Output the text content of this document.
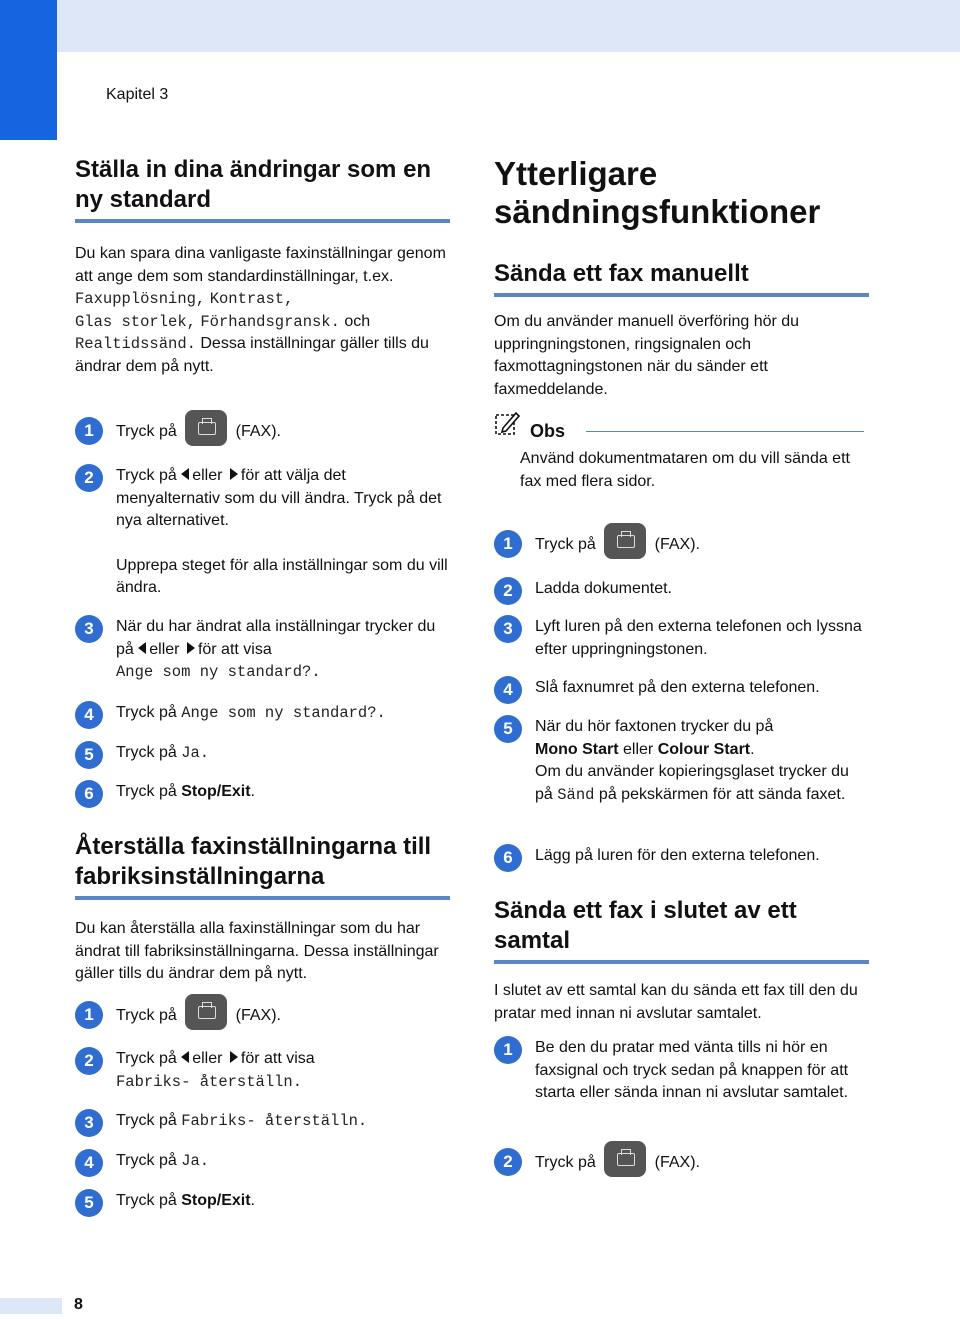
Kapitel 3
Ställa in dina ändringar som en ny standard
Du kan spara dina vanligaste faxinställningar genom att ange dem som standardinställningar, t.ex.
Faxupplösning, Kontrast,
Glas storlek, Förhandsgransk. och
Realtidssänd. Dessa inställningar gäller tills du ändrar dem på nytt.
1	Tryck på	(FAX).
2	Tryck på eller för att välja det menyalternativ som du vill ändra. Tryck på det nya alternativet.
Upprepa steget för alla inställningar som du vill ändra.
3	När du har ändrat alla inställningar trycker du på eller för att visa
Ange som ny standard?.
4	Tryck på Ange som ny standard?.
5	Tryck på Ja.
6	Tryck på Stop/Exit.
Återställa faxinställningarna till fabriksinställningarna
Du kan återställa alla faxinställningar som du har ändrat till fabriksinställningarna. Dessa inställningar gäller tills du ändrar dem på nytt.
1	Tryck på	(FAX).
2	Tryck på eller för att visa
Fabriks- återställn.
3	Tryck på Fabriks- återställn.
4	Tryck på Ja.
5	Tryck på Stop/Exit.
Ytterligare sändningsfunktioner
Sända ett fax manuellt
Om du använder manuell överföring hör du uppringningstonen, ringsignalen och faxmottagningstonen när du sänder ett faxmeddelande.
Obs
Använd dokumentmataren om du vill sända ett fax med flera sidor.
1	Tryck på	(FAX).
2	Ladda dokumentet.
3	Lyft luren på den externa telefonen och lyssna efter uppringningstonen.
4	Slå faxnumret på den externa telefonen.
5	När du hör faxtonen trycker du på
Mono Start eller Colour Start.
Om du använder kopieringsglaset trycker du på Sänd på pekskärmen för att sända faxet.
6	Lägg på luren för den externa telefonen.
Sända ett fax i slutet av ett samtal
I slutet av ett samtal kan du sända ett fax till den du pratar med innan ni avslutar samtalet.
1	Be den du pratar med vänta tills ni hör en faxsignal och tryck sedan på knappen för att starta eller sända innan ni avslutar samtalet.
2	Tryck på	(FAX).
8
